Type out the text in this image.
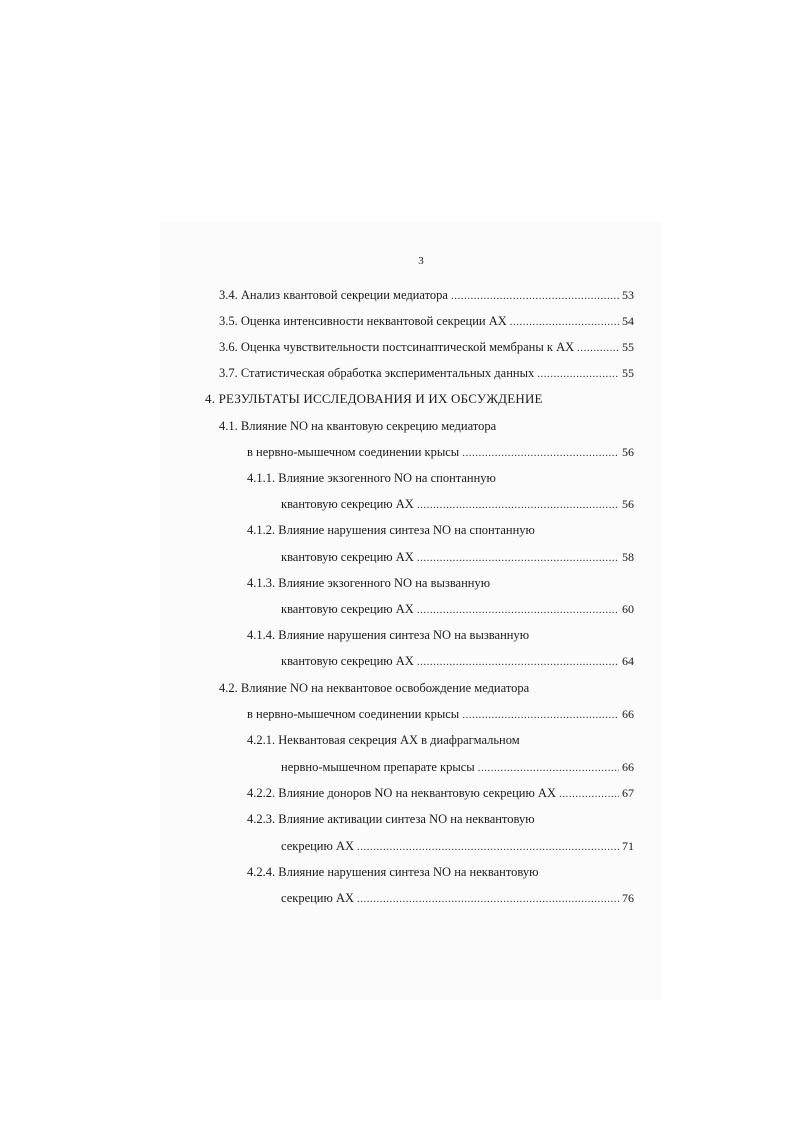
3
3.4. Анализ квантовой секреции медиатора .....	53
3.5. Оценка интенсивности неквантовой секреции АХ .....	54
3.6. Оценка чувствительности постсинаптической мембраны к АХ .....	55
3.7. Статистическая обработка экспериментальных данных .....	55
4. РЕЗУЛЬТАТЫ ИССЛЕДОВАНИЯ И ИХ ОБСУЖДЕНИЕ
4.1. Влияние NO на квантовую секрецию медиатора
в нервно-мышечном соединении крысы .....	56
4.1.1. Влияние экзогенного NO на спонтанную
квантовую секрецию АХ .....	56
4.1.2. Влияние нарушения синтеза NO на спонтанную
квантовую секрецию АХ .....	58
4.1.3. Влияние экзогенного NO на вызванную
квантовую секрецию АХ .....	60
4.1.4. Влияние нарушения синтеза NO на вызванную
квантовую секрецию АХ .....	64
4.2. Влияние NO на неквантовое освобождение медиатора
в нервно-мышечном соединении крысы .....	66
4.2.1. Неквантовая секреция АХ в диафрагмальном
нервно-мышечном препарате крысы .....	66
4.2.2. Влияние доноров NO на неквантовую секрецию АХ .....	67
4.2.3. Влияние активации синтеза NO на неквантовую
секрецию АХ .....	71
4.2.4. Влияние нарушения синтеза NO на неквантовую
секрецию АХ .....	76
